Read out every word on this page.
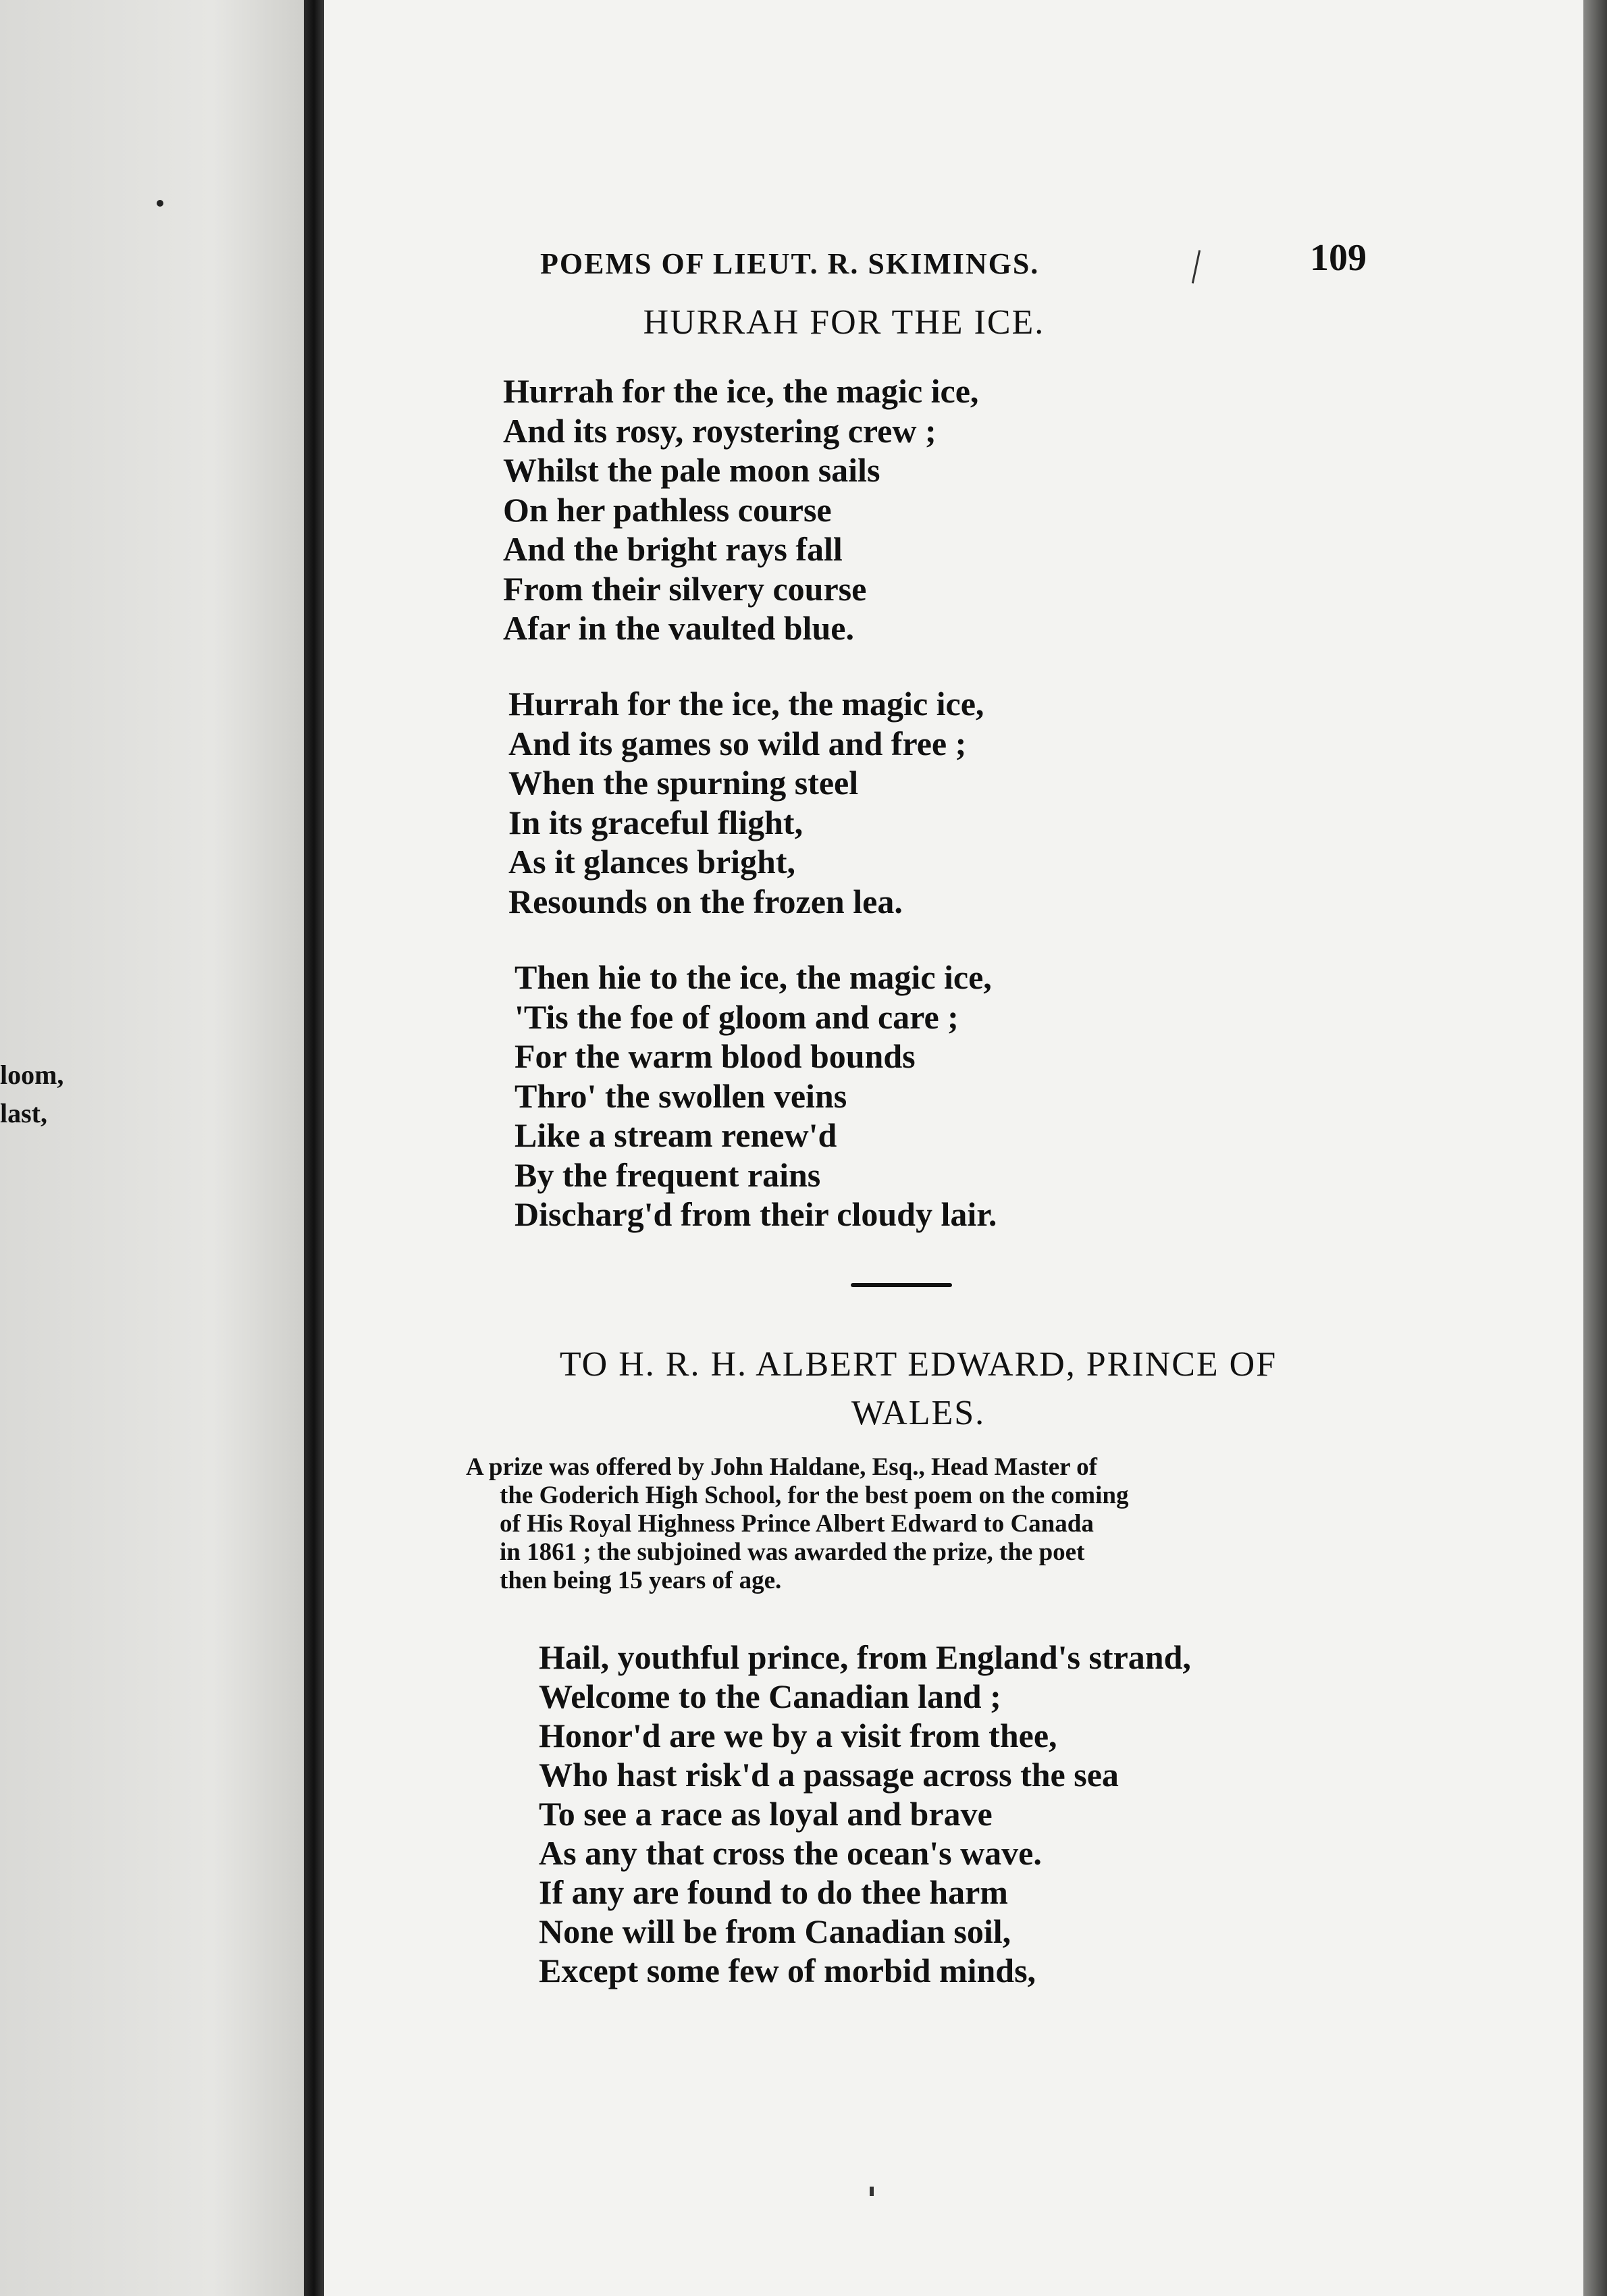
loom,
last,
POEMS OF LIEUT. R. SKIMINGS.	109
HURRAH FOR THE ICE.
Hurrah for the ice, the magic ice,
And its rosy, roystering crew ;
Whilst the pale moon sails
On her pathless course
And the bright rays fall
From their silvery course
Afar in the vaulted blue.
Hurrah for the ice, the magic ice,
And its games so wild and free ;
When the spurning steel
In its graceful flight,
As it glances bright,
Resounds on the frozen lea.
Then hie to the ice, the magic ice,
'Tis the foe of gloom and care ;
For the warm blood bounds
Thro' the swollen veins
Like a stream renew'd
By the frequent rains
Discharg'd from their cloudy lair.
TO H. R. H. ALBERT EDWARD, PRINCE OF
WALES.
A prize was offered by John Haldane, Esq., Head Master of
the Goderich High School, for the best poem on the coming
of His Royal Highness Prince Albert Edward to Canada
in 1861 ; the subjoined was awarded the prize, the poet
then being 15 years of age.
Hail, youthful prince, from England's strand,
Welcome to the Canadian land ;
Honor'd are we by a visit from thee,
Who hast risk'd a passage across the sea
To see a race as loyal and brave
As any that cross the ocean's wave.
If any are found to do thee harm
None will be from Canadian soil,
Except some few of morbid minds,
